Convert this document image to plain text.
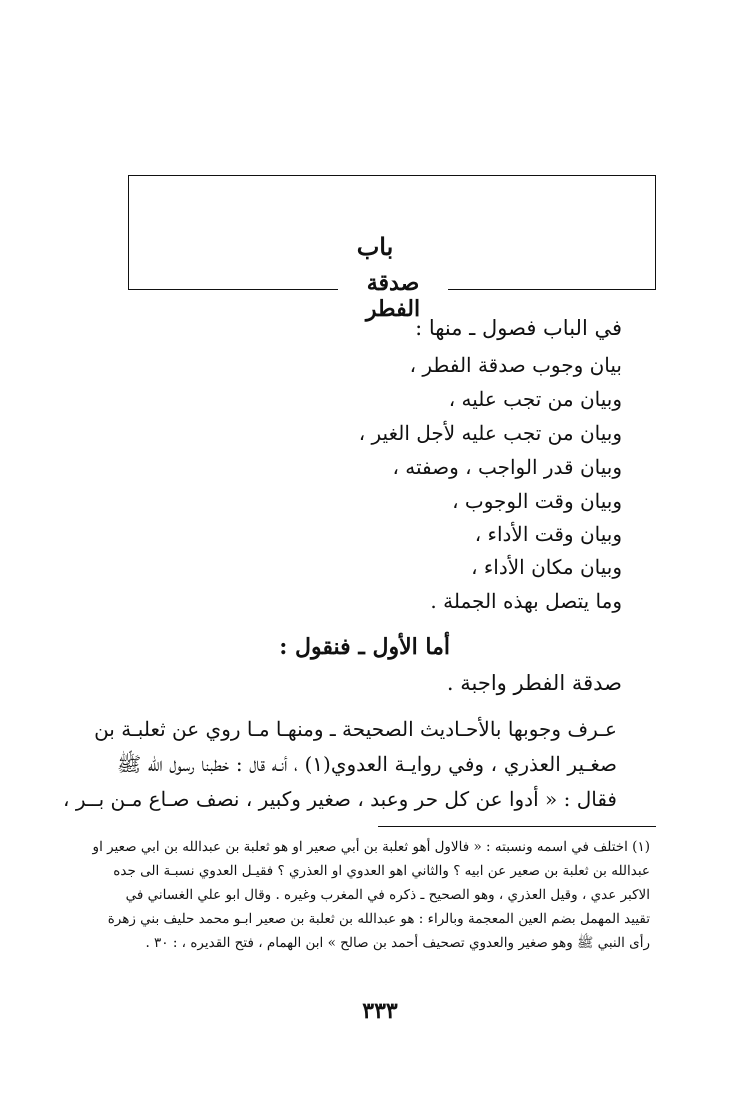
باب
صدقة الفطر
في الباب فصول ـ منها :
بيان وجوب صدقة الفطر ،
وبيان من تجب عليه ،
وبيان من تجب عليه لأجل الغير ،
وبيان قدر الواجب ، وصفته ،
وبيان وقت الوجوب ،
وبيان وقت الأداء ،
وبيان مكان الأداء ،
وما يتصل بهذه الجملة .
أما الأول ـ فنقول :
صدقة الفطر واجبة .
عـرف وجوبها بالأحـاديث الصحيحة ـ ومنهـا مـا روي عن ثعلبـة بن
صغـير العذري ، وفي روايـة العدوي(١) ، أنـه قال : خطبنا رسول الله ﷺ
فقال : « أدوا عن كل حر وعبد ، صغير وكبير ، نصف صـاع مـن بــر ،
(١) اختلف في اسمه ونسبته : « فالاول أهو ثعلبة بن أبي صعير او هو ثعلبة بن عبدالله بن ابي صعير او
عبدالله بن ثعلبة بن صعير عن ابيه ؟ والثاني اهو العدوي او العذري ؟ فقيـل العدوي نسبـة الى جده
الاكبر عدي ، وقيل العذري ، وهو الصحيح ـ ذكره في المغرب وغيره . وقال ابو علي الغساني في
تقييد المهمل بضم العين المعجمة وبالراء : هو عبدالله بن ثعلبة بن صعير ابـو محمد حليف بني زهرة
رأى النبي ﷺ وهو صغير والعدوي تصحيف أحمد بن صالح » ابن الهمام ، فتح القديره ، : ٣٠ .
٣٣٣
